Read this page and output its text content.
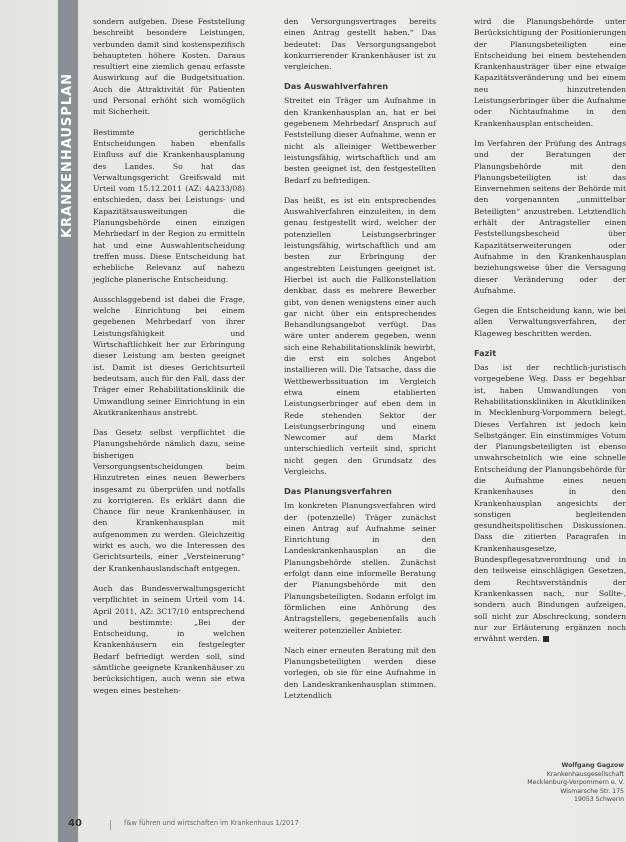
KRANKENHAUSPLAN

sondern aufgeben. Diese Feststellung beschreibt besondere Leistungen, verbunden damit sind kostenspezifisch behaupteten höhere Kosten. Daraus resultiert eine ziemlich genau erfasste Auswirkung auf die Budgetsituation. Auch die Attraktivität für Patienten und Personal erhöht sich womöglich mit Sicherheit.

Bestimmte gerichtliche Entscheidungen haben ebenfalls Einfluss auf die Krankenhausplanung des Landes. So hat das Verwaltungsgericht Greifswald mit Urteil vom 15.12.2011 (AZ: 4A233/08) entschieden, dass bei Leistungs- und Kapazitätsausweitungen die Planungsbehörde einen einzigen Mehrbedarf in der Region zu ermitteln hat und eine Auswahlentscheidung treffen muss. Diese Entscheidung hat erhebliche Relevanz auf nahezu jegliche planerische Entscheidung.

Ausschlaggebend ist dabei die Frage, welche Einrichtung bei einem gegebenen Mehrbedarf von ihrer Leistungsfähigkeit und Wirtschaftlichkeit her zur Erbringung dieser Leistung am besten geeignet ist. Damit ist dieses Gerichtsurteil bedeutsam, auch für den Fall, dass der Träger einer Rehabilitationsklinik die Umwandlung seiner Einrichtung in ein Akutkrankenhaus anstrebt.

Das Gesetz selbst verpflichtet die Planungsbehörde nämlich dazu, seine bisherigen Versorgungsentscheidungen beim Hinzutreten eines neuen Bewerbers insgesamt zu überprüfen und notfalls zu korrigieren. Es erklärt dann die Chance für neue Krankenhäuser, in den Krankenhausplan mit aufgenommen zu werden. Gleichzeitig wirkt es auch, wo die Interessen des Gerichtsurteils, einer „Versteinerung“ der Krankenhauslandschaft entgegen.

Auch das Bundesverwaltungsgericht verpflichtet in seinem Urteil vom 14. April 2011, AZ: 3C17/10 entsprechend und bestimmte: „Bei der Entscheidung, in welchen Krankenhäusern ein festgelegter Bedarf befriedigt werden soll, sind sämtliche geeignete Krankenhäuser zu berücksichtigen, auch wenn sie etwa wegen eines bestehen-

den Versorgungsvertrages bereits einen Antrag gestellt haben.“ Das bedeutet: Das Versorgungsangebot konkurrierender Krankenhäuser ist zu vergleichen.

Das Auswahlverfahren

Streitet ein Träger um Aufnahme in den Krankenhausplan an, hat er bei gegebenem Mehrbedarf Anspruch auf Feststellung dieser Aufnahme, wenn er nicht als alleiniger Wettbewerber leistungsfähig, wirtschaftlich und am besten geeignet ist, den festgestellten Bedarf zu befriedigen.

Das heißt, es ist ein entsprechendes Auswahlverfahren einzuleiten, in dem genau festgestellt wird, welcher der potenziellen Leistungserbringer leistungsfähig, wirtschaftlich und am besten zur Erbringung der angestrebten Leistungen geeignet ist. Hierbei ist auch die Fallkonstellation denkbar, dass es mehrere Bewerber gibt, von denen wenigstens einer auch gar nicht über ein entsprechendes Behandlungsangebot verfügt. Das wäre unter anderem gegeben, wenn sich eine Rehabilitationsklinik bewirbt, die erst ein solches Angebot installieren will. Die Tatsache, dass die Wettbewerbssituation im Vergleich etwa einem etablierten Leistungserbringer auf eben dem in Rede stehenden Sektor der Leistungserbringung und einem Newcomer auf dem Markt unterschiedlich verteilt sind, spricht nicht gegen den Grundsatz des Vergleichs.

Das Planungsverfahren

Im konkreten Planungsverfahren wird der (potenzielle) Träger zunächst einen Antrag auf Aufnahme seiner Einrichtung in den Landeskrankenhausplan an die Planungsbehörde stellen. Zunächst erfolgt dann eine informelle Beratung der Planungsbehörde mit den Planungsbeteiligten. Sodann erfolgt im förmlichen eine Anhörung des Antragstellers, gegebenenfalls auch weiterer potenzieller Anbieter.

Nach einer erneuten Beratung mit den Planungsbeteiligten werden diese vorlegen, ob sie für eine Aufnahme in den Landeskrankenhausplan stimmen. Letztendlich

wird die Planungsbehörde unter Berücksichtigung der Positionierungen der Planungsbeteiligten eine Entscheidung bei einem bestehenden Krankenhausträger über eine etwaige Kapazitätsveränderung und bei einem neu hinzutretenden Leistungserbringer über die Aufnahme oder Nichtaufnahme in den Krankenhausplan entscheiden.

Im Verfahren der Prüfung des Antrags und der Beratungen der Planungsbehörde mit den Planungsbeteiligten ist das Einvernehmen seitens der Behörde mit den vorgenannten „unmittelbar Beteiligten“ anzustreben. Letztendlich erhält der Antragsteller einen Feststellungsbescheid über Kapazitätserweiterungen oder Aufnahme in den Krankenhausplan beziehungsweise über die Versagung dieser Veränderung oder der Aufnahme.

Gegen die Entscheidung kann, wie bei allen Verwaltungsverfahren, der Klageweg beschritten werden.

Fazit

Das ist der rechtlich-juristisch vorgegebene Weg. Dass er begehbar ist, haben Umwandlungen von Rehabilitationskliniken in Akutkliniken in Mecklenburg-Vorpommern belegt. Dieses Verfahren ist jedoch kein Selbstgänger. Ein einstimmiges Votum der Planungsbeteiligten ist ebenso unwahrscheinlich wie eine schnelle Entscheidung der Planungsbehörde für die Aufnahme eines neuen Krankenhauses in den Krankenhausplan angesichts der sonstigen begleitenden gesundheitspolitischen Diskussionen. Dass die zitierten Paragrafen in Krankenhausgesetze, Bundespflegesatzverordnung und in den teilweise einschlägigen Gesetzen, dem Rechtsverständnis der Krankenkassen nach, nur Sollte-, sondern auch Bindungen aufzeigen, soll nicht zur Abschreckung, sondern nur zur Erläuterung ergänzen noch erwähnt werden.

Wolfgang Gagzow
Krankenhausgesellschaft
Mecklenburg-Vorpommern e. V.
Wismarsche Str. 175
19053 Schwerin
40	f&w führen und wirtschaften im Krankenhaus 1/2017
